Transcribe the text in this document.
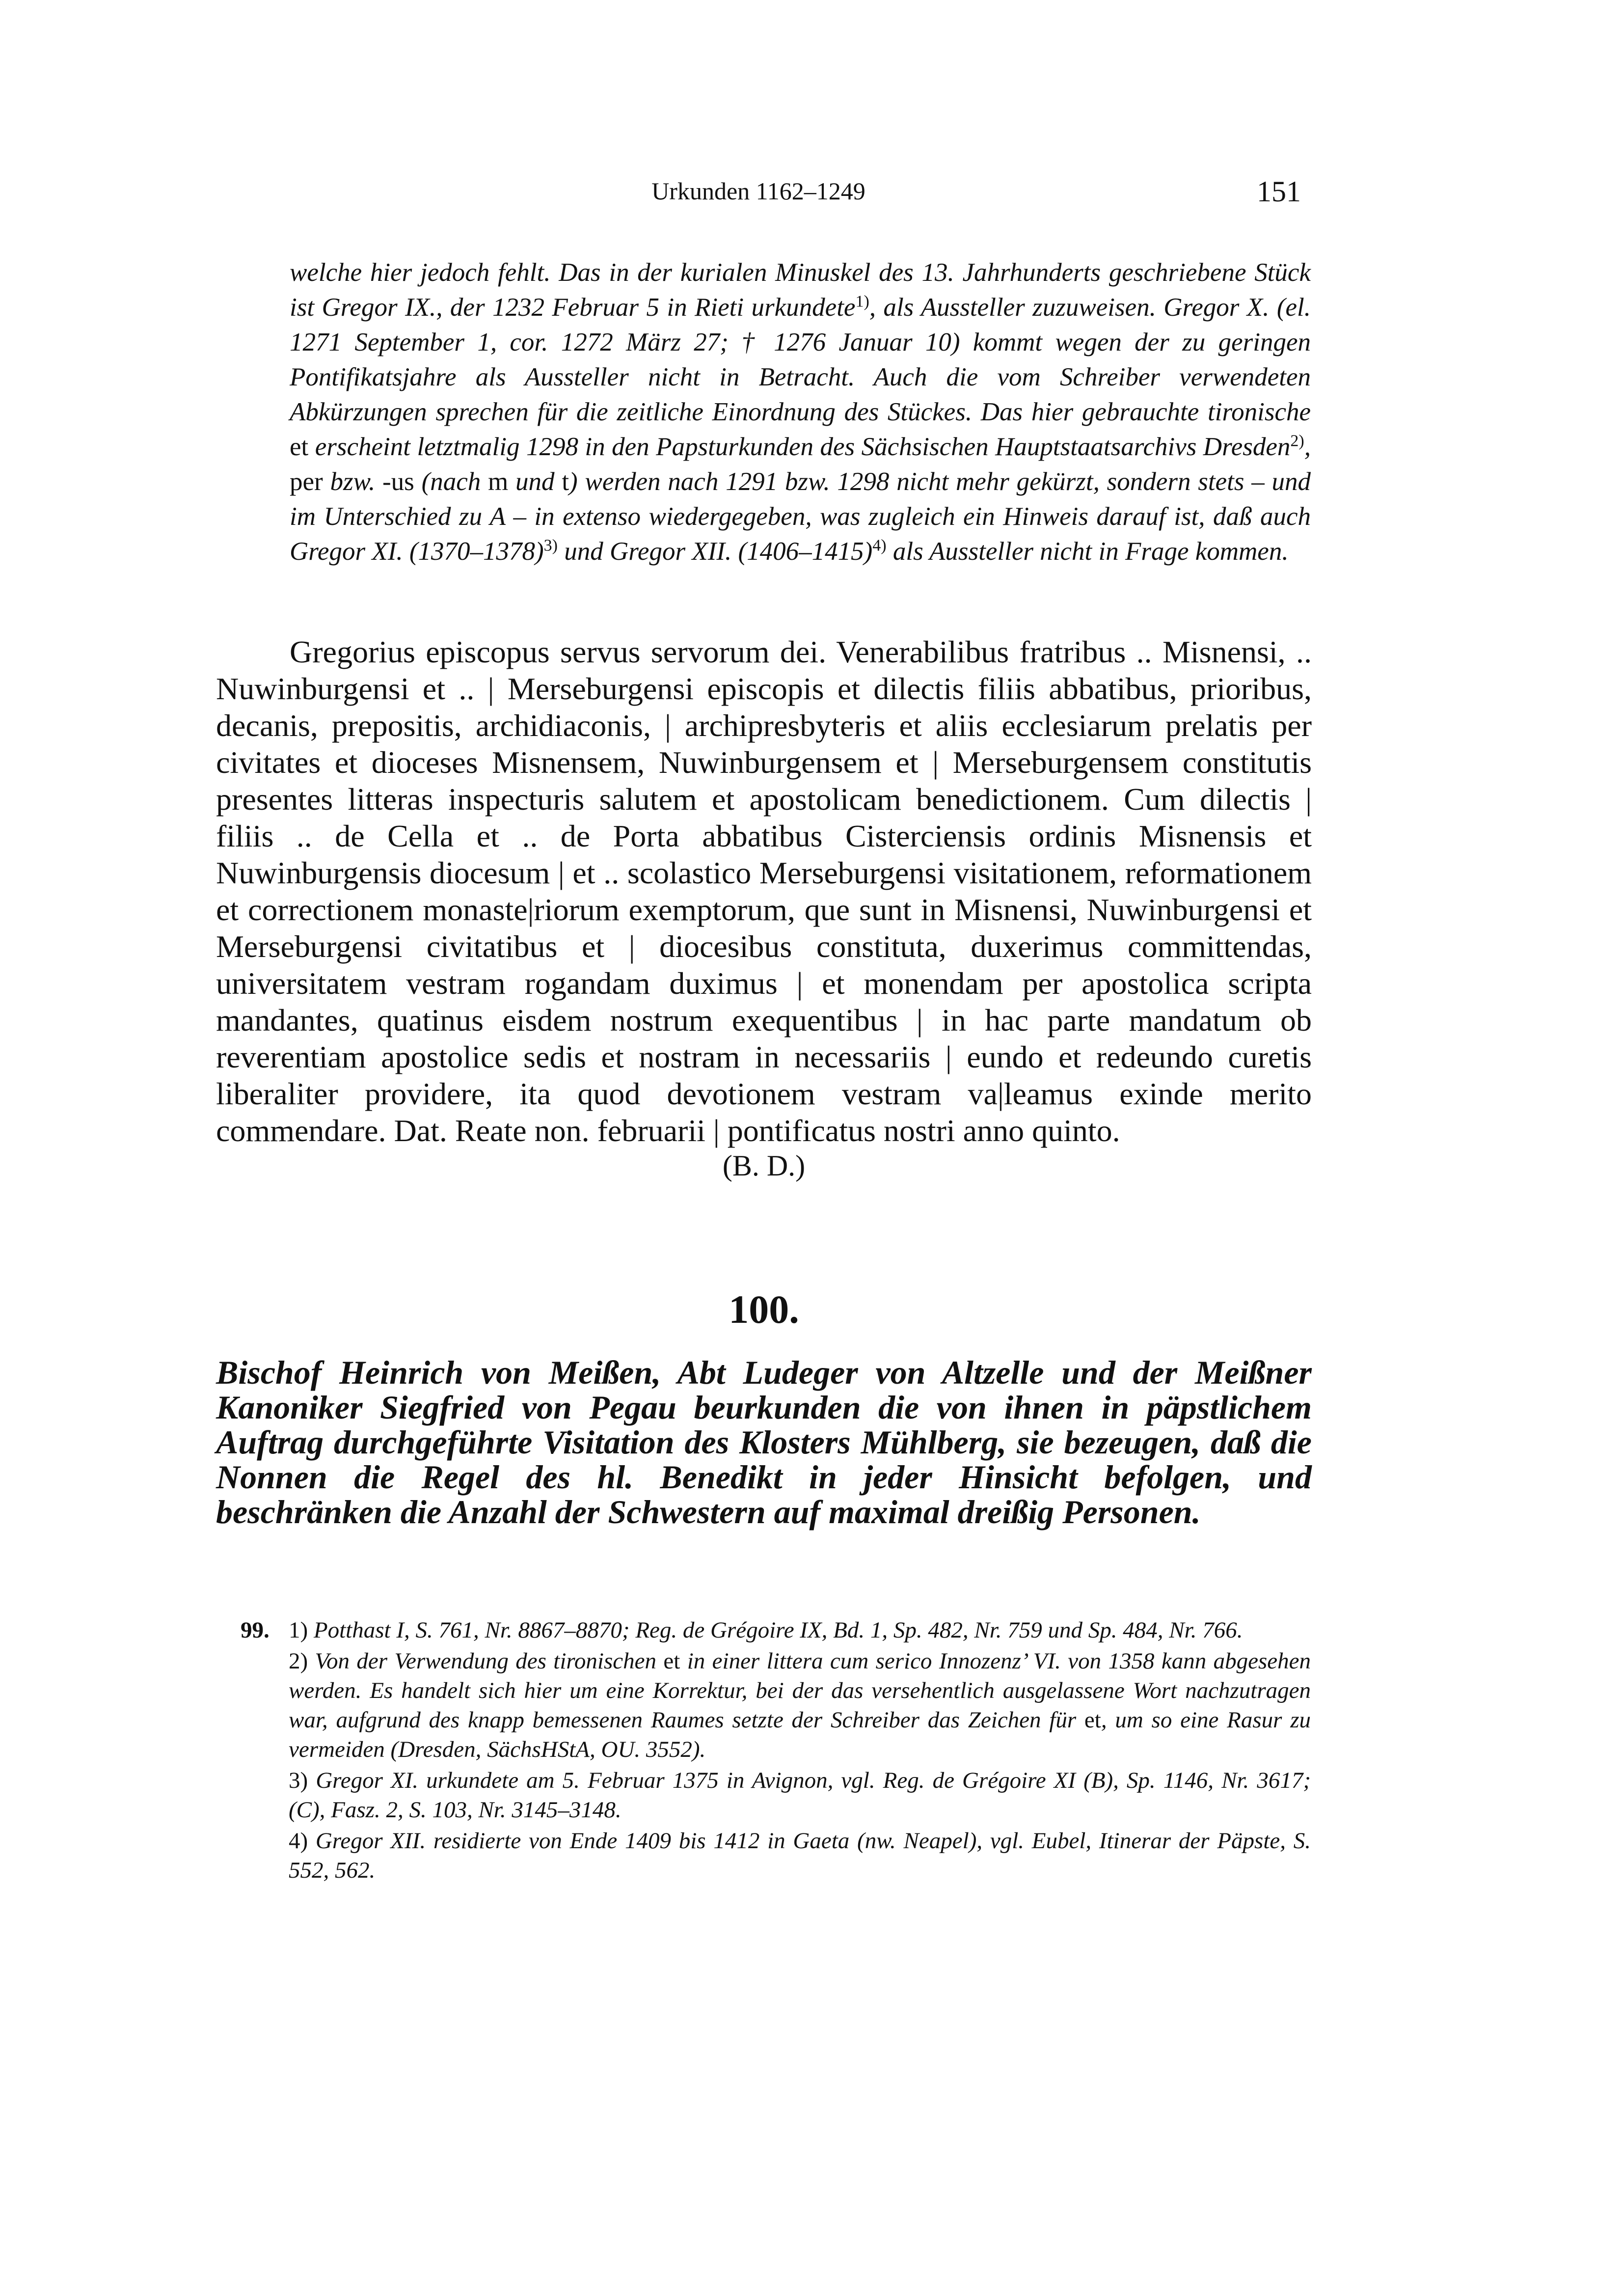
Urkunden 1162–1249	151
welche hier jedoch fehlt. Das in der kurialen Minuskel des 13. Jahrhunderts geschriebene Stück ist Gregor IX., der 1232 Februar 5 in Rieti urkundete$^{1)}$, als Aussteller zuzuweisen. Gregor X. (el. 1271 September 1, cor. 1272 März 27; † 1276 Januar 10) kommt wegen der zu geringen Pontifikatsjahre als Aussteller nicht in Betracht. Auch die vom Schreiber verwendeten Abkürzungen sprechen für die zeitliche Einordnung des Stückes. Das hier gebrauchte tironische et erscheint letztmalig 1298 in den Papsturkunden des Sächsischen Hauptstaatsarchivs Dresden$^{2)}$, per bzw. -us (nach m und t) werden nach 1291 bzw. 1298 nicht mehr gekürzt, sondern stets – und im Unterschied zu A – in extenso wiedergegeben, was zugleich ein Hinweis darauf ist, daß auch Gregor XI. (1370–1378)$^{3)}$ und Gregor XII. (1406–1415)$^{4)}$ als Aussteller nicht in Frage kommen.
Gregorius episcopus servus servorum dei. Venerabilibus fratribus .. Misnensi, .. Nuwinburgensi et .. | Merseburgensi episcopis et dilectis filiis abbatibus, prioribus, decanis, prepositis, archidiaconis, | archipresbyteris et aliis ecclesiarum prelatis per civitates et dioceses Misnensem, Nuwinburgensem et | Merseburgensem constitutis presentes litteras inspecturis salutem et apostolicam benedictionem. Cum dilectis | filiis .. de Cella et .. de Porta abbatibus Cisterciensis ordinis Misnensis et Nuwinburgensis diocesum | et .. scolastico Merseburgensi visitationem, reformationem et correctionem monaste|riorum exemptorum, que sunt in Misnensi, Nuwinburgensi et Merseburgensi civitatibus et | diocesibus constituta, duxerimus committendas, universitatem vestram rogandam duximus | et monendam per apostolica scripta mandantes, quatinus eisdem nostrum exequentibus | in hac parte mandatum ob reverentiam apostolice sedis et nostram in necessariis | eundo et redeundo curetis liberaliter providere, ita quod devotionem vestram va|leamus exinde merito commendare. Dat. Reate non. februarii | pontificatus nostri anno quinto.
(B. D.)
100.
Bischof Heinrich von Meißen, Abt Ludeger von Altzelle und der Meißner Kanoniker Siegfried von Pegau beurkunden die von ihnen in päpstlichem Auftrag durchgeführte Visitation des Klosters Mühlberg, sie bezeugen, daß die Nonnen die Regel des hl. Benedikt in jeder Hinsicht befolgen, und beschränken die Anzahl der Schwestern auf maximal dreißig Personen.
99. 1) Potthast I, S. 761, Nr. 8867–8870; Reg. de Grégoire IX, Bd. 1, Sp. 482, Nr. 759 und Sp. 484, Nr. 766.
2) Von der Verwendung des tironischen et in einer littera cum serico Innozenz’ VI. von 1358 kann abgesehen werden. Es handelt sich hier um eine Korrektur, bei der das versehentlich ausgelassene Wort nachzutragen war, aufgrund des knapp bemessenen Raumes setzte der Schreiber das Zeichen für et, um so eine Rasur zu vermeiden (Dresden, SächsHStA, OU. 3552).
3) Gregor XI. urkundete am 5. Februar 1375 in Avignon, vgl. Reg. de Grégoire XI (B), Sp. 1146, Nr. 3617; (C), Fasz. 2, S. 103, Nr. 3145–3148.
4) Gregor XII. residierte von Ende 1409 bis 1412 in Gaeta (nw. Neapel), vgl. Eubel, Itinerar der Päpste, S. 552, 562.
